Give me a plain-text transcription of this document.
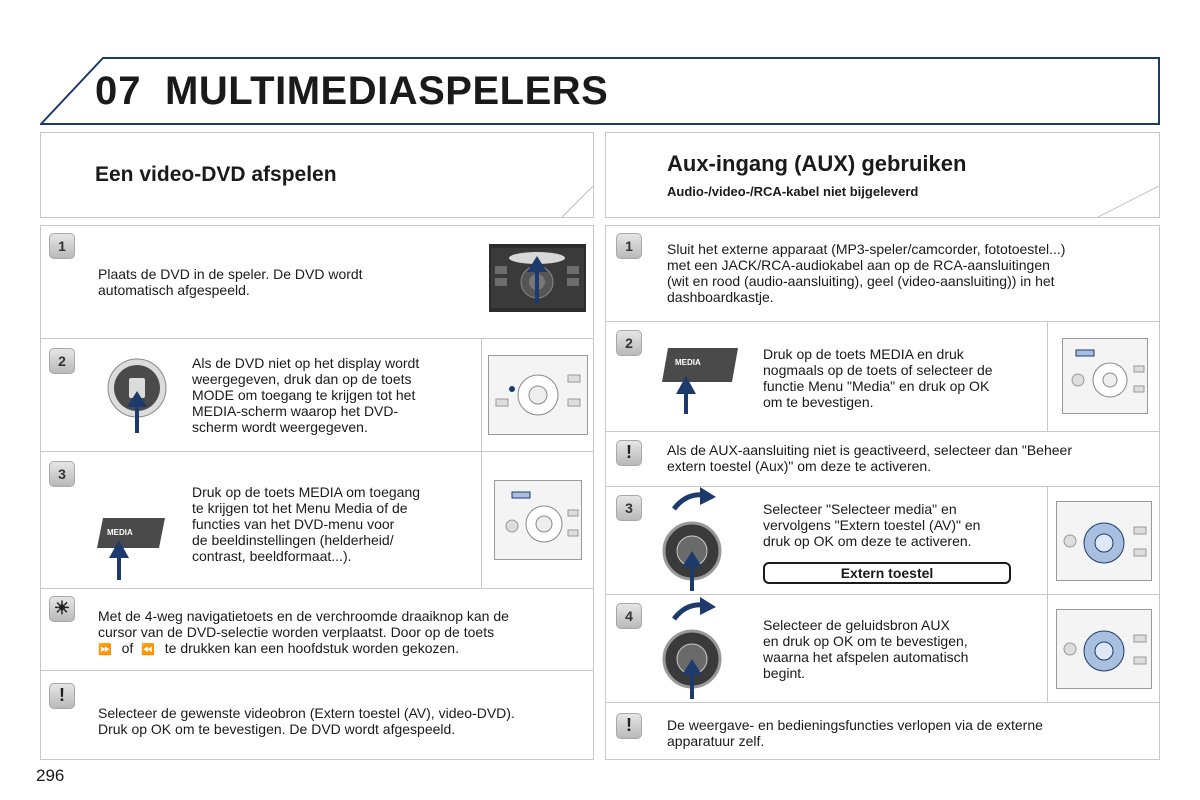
07 MULTIMEDIASPELERS
Een video-DVD afspelen
1
Plaats de DVD in de speler. De DVD wordt
automatisch afgespeeld.
2	Als de DVD niet op het display wordt
weergegeven, druk dan op de toets
MODE om toegang te krijgen tot het
MEDIA-scherm waarop het DVD-
scherm wordt weergegeven.
3
MEDIA
Druk op de toets MEDIA om toegang
te krijgen tot het Menu Media of de
functies van het DVD-menu voor
de beeldinstellingen (helderheid/
contrast, beeldformaat...).
☀	Met de 4-weg navigatietoets en de verchroomde draaiknop kan de
cursor van de DVD-selectie worden verplaatst. Door op de toets
⏩ of ⏪ te drukken kan een hoofdstuk worden gekozen.
!
Selecteer de gewenste videobron (Extern toestel (AV), video-DVD).
Druk op OK om te bevestigen. De DVD wordt afgespeeld.
Aux-ingang (AUX) gebruiken
Audio-/video-/RCA-kabel niet bijgeleverd
1	Sluit het externe apparaat (MP3-speler/camcorder, fototoestel...)
met een JACK/RCA-audiokabel aan op de RCA-aansluitingen
(wit en rood (audio-aansluiting), geel (video-aansluiting)) in het
dashboardkastje.
2
MEDIA
Druk op de toets MEDIA en druk
nogmaals op de toets of selecteer de
functie Menu "Media" en druk op OK
om te bevestigen.
!	Als de AUX-aansluiting niet is geactiveerd, selecteer dan "Beheer
extern toestel (Aux)" om deze te activeren.
3	Selecteer "Selecteer media" en
vervolgens "Extern toestel (AV)" en
druk op OK om deze te activeren.
Extern toestel
4
Selecteer de geluidsbron AUX
en druk op OK om te bevestigen,
waarna het afspelen automatisch
begint.
!	De weergave- en bedieningsfuncties verlopen via de externe
apparatuur zelf.
296
